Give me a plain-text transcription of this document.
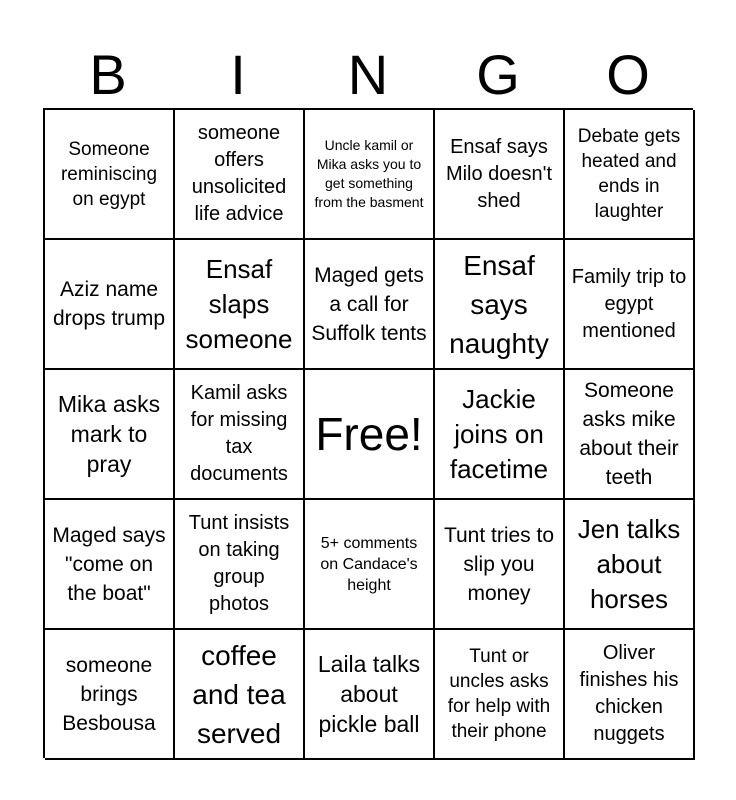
B	I	N	G	O
Someone reminiscing on egypt
someone offers unsolicited life advice
Uncle kamil or Mika asks you to get something from the basment
Ensaf says Milo doesn't shed
Debate gets heated and ends in laughter
Aziz name drops trump
Ensaf slaps someone
Maged gets a call for Suffolk tents
Ensaf says naughty
Family trip to egypt mentioned
Mika asks mark to pray
Kamil asks for missing tax documents
Free!
Jackie joins on facetime
Someone asks mike about their teeth
Maged says "come on the boat"
Tunt insists on taking group photos
5+ comments on Candace's height
Tunt tries to slip you money
Jen talks about horses
someone brings Besbousa
coffee and tea served
Laila talks about pickle ball
Tunt or uncles asks for help with their phone
Oliver finishes his chicken nuggets
